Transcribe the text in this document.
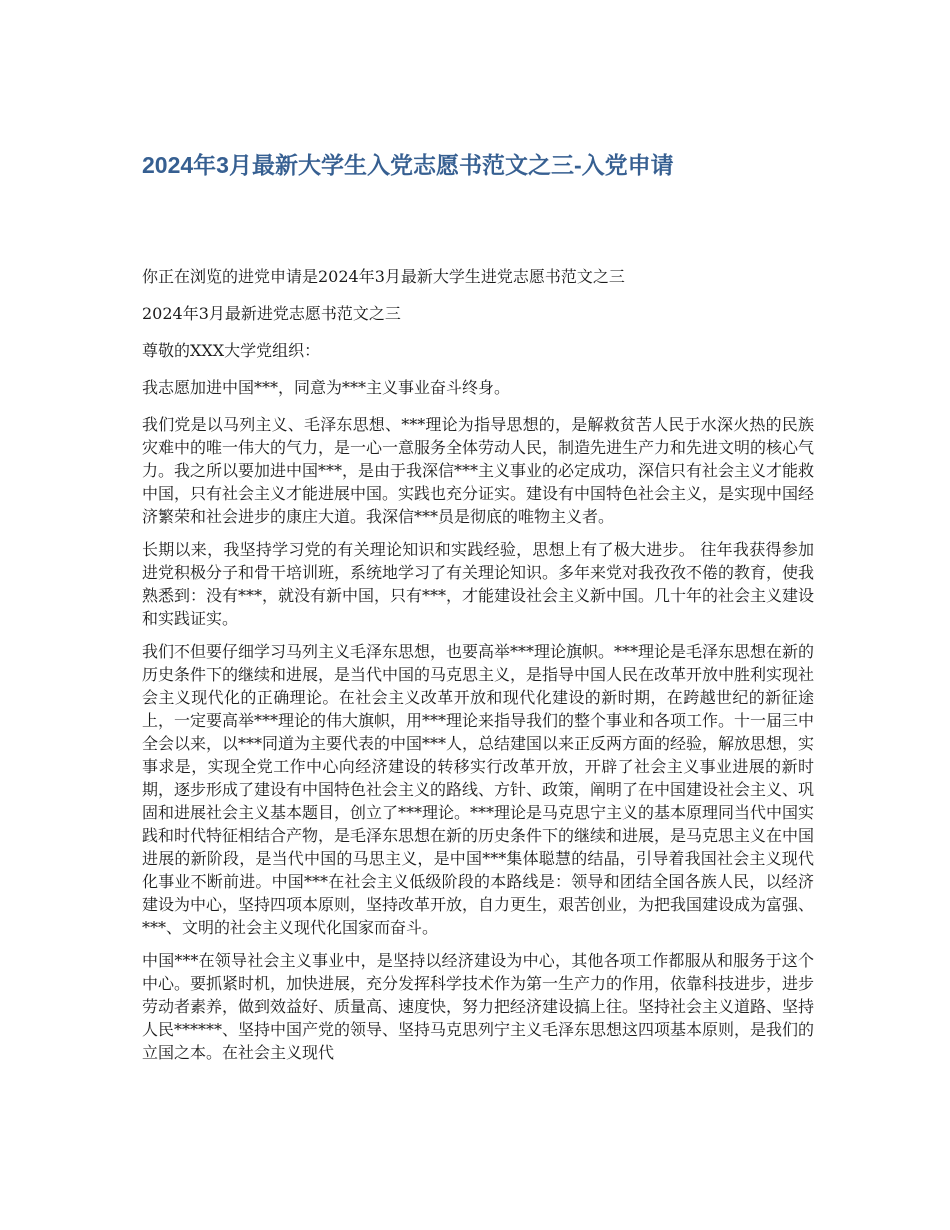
2024年3月最新大学生入党志愿书范文之三-入党申请

你正在浏览的进党申请是2024年3月最新大学生进党志愿书范文之三

2024年3月最新进党志愿书范文之三

尊敬的XXX大学党组织：

我志愿加进中国***，同意为***主义事业奋斗终身。

我们党是以马列主义、毛泽东思想、***理论为指导思想的，是解救贫苦人民于水深火热的民族灾难中的唯一伟大的气力，是一心一意服务全体劳动人民，制造先进生产力和先进文明的核心气力。我之所以要加进中国***，是由于我深信***主义事业的必定成功，深信只有社会主义才能救中国，只有社会主义才能进展中国。实践也充分证实。建设有中国特色社会主义，是实现中国经济繁荣和社会进步的康庄大道。我深信***员是彻底的唯物主义者。

长期以来，我坚持学习党的有关理论知识和实践经验，思想上有了极大进步。 往年我获得参加进党积极分子和骨干培训班，系统地学习了有关理论知识。多年来党对我孜孜不倦的教育，使我熟悉到：没有***，就没有新中国，只有***，才能建设社会主义新中国。几十年的社会主义建设和实践证实。

我们不但要仔细学习马列主义毛泽东思想，也要高举***理论旗帜。***理论是毛泽东思想在新的历史条件下的继续和进展，是当代中国的马克思主义，是指导中国人民在改革开放中胜利实现社会主义现代化的正确理论。在社会主义改革开放和现代化建设的新时期，在跨越世纪的新征途上，一定要高举***理论的伟大旗帜，用***理论来指导我们的整个事业和各项工作。十一届三中全会以来，以***同道为主要代表的中国***人，总结建国以来正反两方面的经验，解放思想，实事求是，实现全党工作中心向经济建设的转移实行改革开放，开辟了社会主义事业进展的新时期，逐步形成了建设有中国特色社会主义的路线、方针、政策，阐明了在中国建设社会主义、巩固和进展社会主义基本题目，创立了***理论。***理论是马克思宁主义的基本原理同当代中国实践和时代特征相结合产物，是毛泽东思想在新的历史条件下的继续和进展，是马克思主义在中国进展的新阶段，是当代中国的马思主义，是中国***集体聪慧的结晶，引导着我国社会主义现代化事业不断前进。中国***在社会主义低级阶段的本路线是：领导和团结全国各族人民，以经济建设为中心，坚持四项本原则，坚持改革开放，自力更生，艰苦创业，为把我国建设成为富强、***、文明的社会主义现代化国家而奋斗。

中国***在领导社会主义事业中，是坚持以经济建设为中心，其他各项工作都服从和服务于这个中心。要抓紧时机，加快进展，充分发挥科学技术作为第一生产力的作用，依靠科技进步，进步劳动者素养，做到效益好、质量高、速度快，努力把经济建设搞上往。坚持社会主义道路、坚持人民******、坚持中国产党的领导、坚持马克思列宁主义毛泽东思想这四项基本原则，是我们的立国之本。在社会主义现代
